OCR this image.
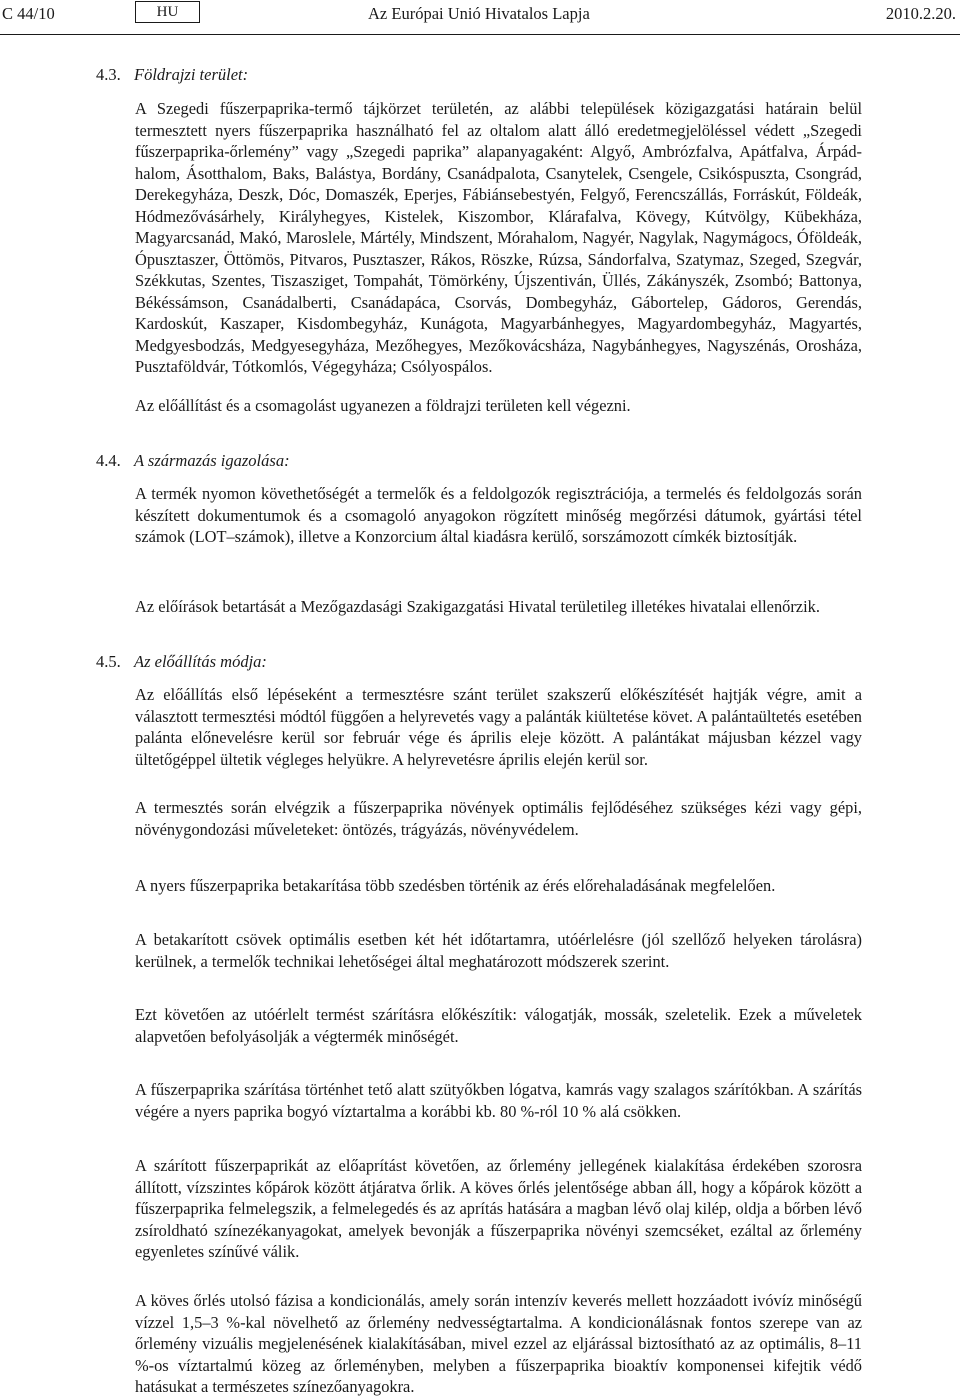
C 44/10	HU	Az Európai Unió Hivatalos Lapja	2010.2.20.
4.3. Földrajzi terület:
A Szegedi fűszerpaprika-termő tájkörzet területén, az alábbi települések közigazgatási határain belül termesztett nyers fűszerpaprika használható fel az oltalom alatt álló eredetmegjelöléssel védett „Szegedi fűszerpaprika-őrlemény” vagy „Szegedi paprika” alapanyagaként: Algyő, Ambrózfalva, Apátfalva, Árpádhalom, Ásotthalom, Baks, Balástya, Bordány, Csanádpalota, Csanytelek, Csengele, Csikóspuszta, Csongrád, Derekegyháza, Deszk, Dóc, Domaszék, Eperjes, Fábiánsebestyén, Felgyő, Ferencszállás, Forráskút, Földeák, Hódmezővásárhely, Királyhegyes, Kistelek, Kiszombor, Klárafalva, Kövegy, Kútvölgy, Kübekháza, Magyarcsanád, Makó, Maroslele, Mártély, Mindszent, Mórahalom, Nagyér, Nagylak, Nagymágocs, Óföldeák, Ópusztaszer, Öttömös, Pitvaros, Pusztaszer, Rákos, Röszke, Rúzsa, Sándorfalva, Szatymaz, Szeged, Szegvár, Székkutas, Szentes, Tiszasziget, Tompahát, Tömörkény, Újszentiván, Üllés, Zákányszék, Zsombó; Battonya, Békéssámson, Csanádalberti, Csanádapáca, Csorvás, Dombegyház, Gábortelep, Gádoros, Gerendás, Kardoskút, Kaszaper, Kisdombegyház, Kunágota, Magyarbánhegyes, Magyardombegyház, Magyartés, Medgyesbodzás, Medgyesegyháza, Mezőhegyes, Mezőkovácsháza, Nagybánhegyes, Nagyszénás, Orosháza, Pusztaföldvár, Tótkomlós, Végegyháza; Csólyospálos.
Az előállítást és a csomagolást ugyanezen a földrajzi területen kell végezni.
4.4. A származás igazolása:
A termék nyomon követhetőségét a termelők és a feldolgozók regisztrációja, a termelés és feldolgozás során készített dokumentumok és a csomagoló anyagokon rögzített minőség megőrzési dátumok, gyártási tétel számok (LOT–számok), illetve a Konzorcium által kiadásra kerülő, sorszámozott címkék biztosítják.
Az előírások betartását a Mezőgazdasági Szakigazgatási Hivatal területileg illetékes hivatalai ellenőrzik.
4.5. Az előállítás módja:
Az előállítás első lépéseként a termesztésre szánt terület szakszerű előkészítését hajtják végre, amit a választott termesztési módtól függően a helyrevetés vagy a palánták kiültetése követ. A palántaültetés esetében palánta előnevelésre kerül sor február vége és április eleje között. A palántákat májusban kézzel vagy ültetőgéppel ültetik végleges helyükre. A helyrevetésre április elején kerül sor.
A termesztés során elvégzik a fűszerpaprika növények optimális fejlődéséhez szükséges kézi vagy gépi, növénygondozási műveleteket: öntözés, trágyázás, növényvédelem.
A nyers fűszerpaprika betakarítása több szedésben történik az érés előrehaladásának megfelelően.
A betakarított csövek optimális esetben két hét időtartamra, utóérlelésre (jól szellőző helyeken tárolásra) kerülnek, a termelők technikai lehetőségei által meghatározott módszerek szerint.
Ezt követően az utóérlelt termést szárításra előkészítik: válogatják, mossák, szeletelik. Ezek a műveletek alapvetően befolyásolják a végtermék minőségét.
A fűszerpaprika szárítása történhet tető alatt szütyőkben lógatva, kamrás vagy szalagos szárítókban. A szárítás végére a nyers paprika bogyó víztartalma a korábbi kb. 80 %-ról 10 % alá csökken.
A szárított fűszerpaprikát az előaprítást követően, az őrlemény jellegének kialakítása érdekében szorosra állított, vízszintes kőpárok között átjáratva őrlik. A köves őrlés jelentősége abban áll, hogy a kőpárok között a fűszerpaprika felmelegszik, a felmelegedés és az aprítás hatására a magban lévő olaj kilép, oldja a bőrben lévő zsíroldható színezékanyagokat, amelyek bevonják a fűszerpaprika növényi szemcséket, ezáltal az őrlemény egyenletes színűvé válik.
A köves őrlés utolsó fázisa a kondicionálás, amely során intenzív keverés mellett hozzáadott ivóvíz minőségű vízzel 1,5–3 %-kal növelhető az őrlemény nedvességtartalma. A kondicionálásnak fontos szerepe van az őrlemény vizuális megjelenésének kialakításában, mivel ezzel az eljárással biztosítható az az optimális, 8–11 %-os víztartalmú közeg az őrleményben, melyben a fűszerpaprika bioaktív komponensei kifejtik védő hatásukat a természetes színezőanyagokra.
